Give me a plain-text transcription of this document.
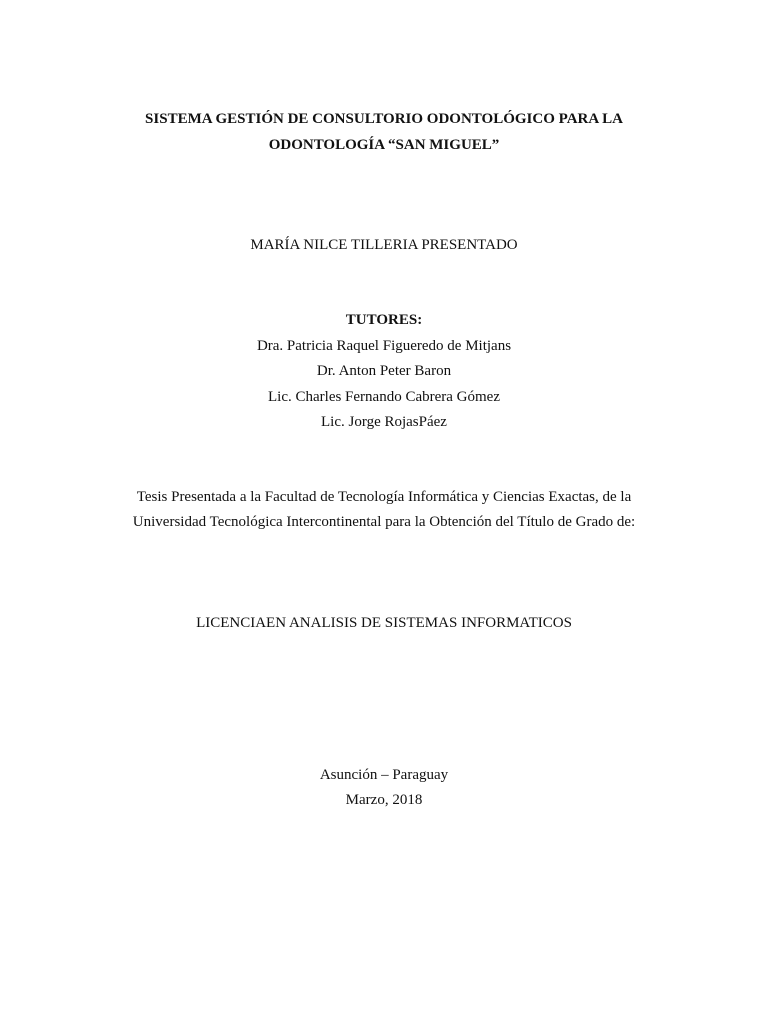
SISTEMA GESTIÓN DE CONSULTORIO ODONTOLÓGICO PARA LA
ODONTOLOGÍA “SAN MIGUEL”
MARÍA NILCE TILLERIA PRESENTADO
TUTORES:
Dra. Patricia Raquel Figueredo de Mitjans
Dr. Anton Peter Baron
Lic. Charles Fernando Cabrera Gómez
Lic. Jorge RojasPáez
Tesis Presentada a la Facultad de Tecnología Informática y Ciencias Exactas, de la
Universidad Tecnológica Intercontinental para la Obtención del Título de Grado de:
LICENCIAEN ANALISIS DE SISTEMAS INFORMATICOS
Asunción – Paraguay
Marzo, 2018
